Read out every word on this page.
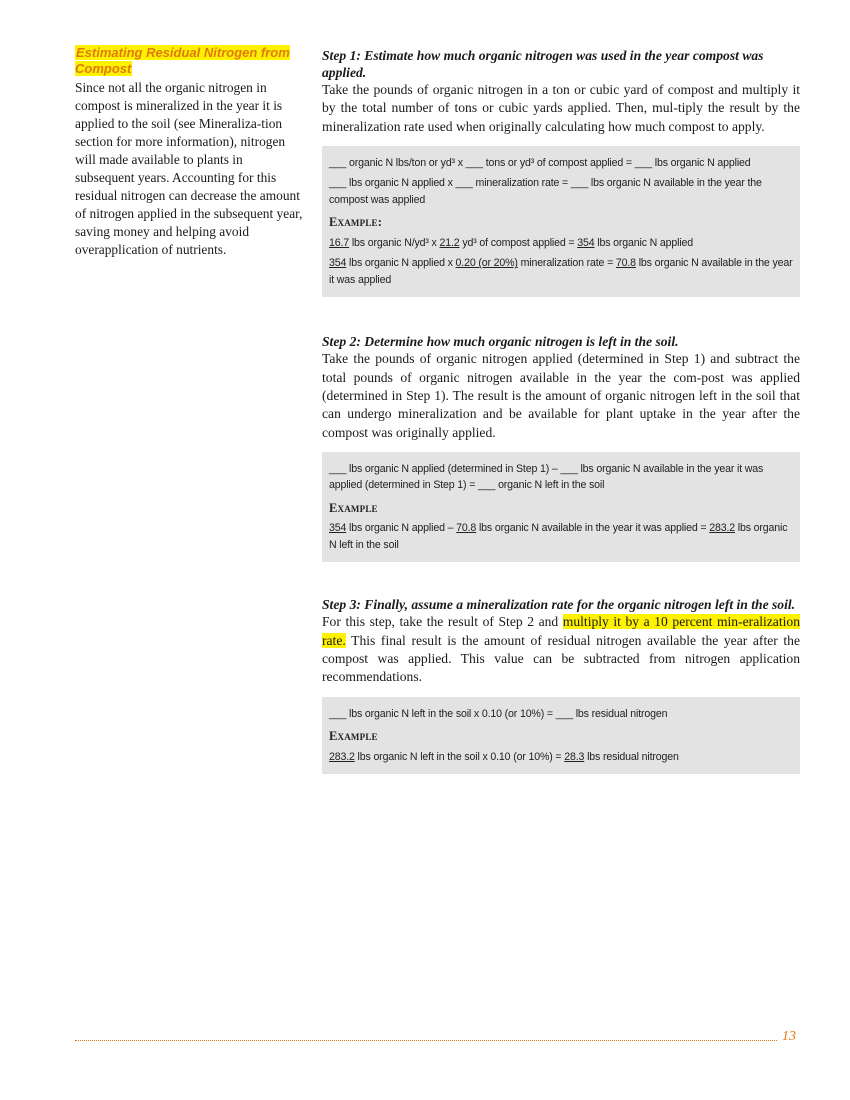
Estimating Residual Nitrogen from Compost

Since not all the organic nitrogen in compost is mineralized in the year it is applied to the soil (see Mineraliza-tion section for more information), nitrogen will made available to plants in subsequent years. Accounting for this residual nitrogen can decrease the amount of nitrogen applied in the subsequent year, saving money and helping avoid overapplication of nutrients.

Step 1: Estimate how much organic nitrogen was used in the year compost was applied.

Take the pounds of organic nitrogen in a ton or cubic yard of compost and multiply it by the total number of tons or cubic yards applied. Then, mul-tiply the result by the mineralization rate used when originally calculating how much compost to apply.

___ organic N lbs/ton or yd³ x ___ tons or yd³ of compost applied = ___ lbs organic N applied

___ lbs organic N applied x ___ mineralization rate = ___ lbs organic N available in the year the compost was applied

Example:

16.7 lbs organic N/yd³ x 21.2 yd³ of compost applied = 354 lbs organic N applied

354 lbs organic N applied x 0.20 (or 20%) mineralization rate = 70.8 lbs organic N available in the year it was applied

Step 2: Determine how much organic nitrogen is left in the soil.

Take the pounds of organic nitrogen applied (determined in Step 1) and subtract the total pounds of organic nitrogen available in the year the com-post was applied (determined in Step 1). The result is the amount of organic nitrogen left in the soil that can undergo mineralization and be available for plant uptake in the year after the compost was originally applied.

___ lbs organic N applied (determined in Step 1) – ___ lbs organic N available in the year it was applied (determined in Step 1) = ___ organic N left in the soil

Example

354 lbs organic N applied – 70.8 lbs organic N available in the year it was applied = 283.2 lbs organic N left in the soil

Step 3: Finally, assume a mineralization rate for the organic nitrogen left in the soil.

For this step, take the result of Step 2 and multiply it by a 10 percent min-eralization rate. This final result is the amount of residual nitrogen available the year after the compost was applied. This value can be subtracted from nitrogen application recommendations.

___ lbs organic N left in the soil x 0.10 (or 10%) = ___ lbs residual nitrogen

Example

283.2 lbs organic N left in the soil x 0.10 (or 10%) = 28.3 lbs residual nitrogen

13
